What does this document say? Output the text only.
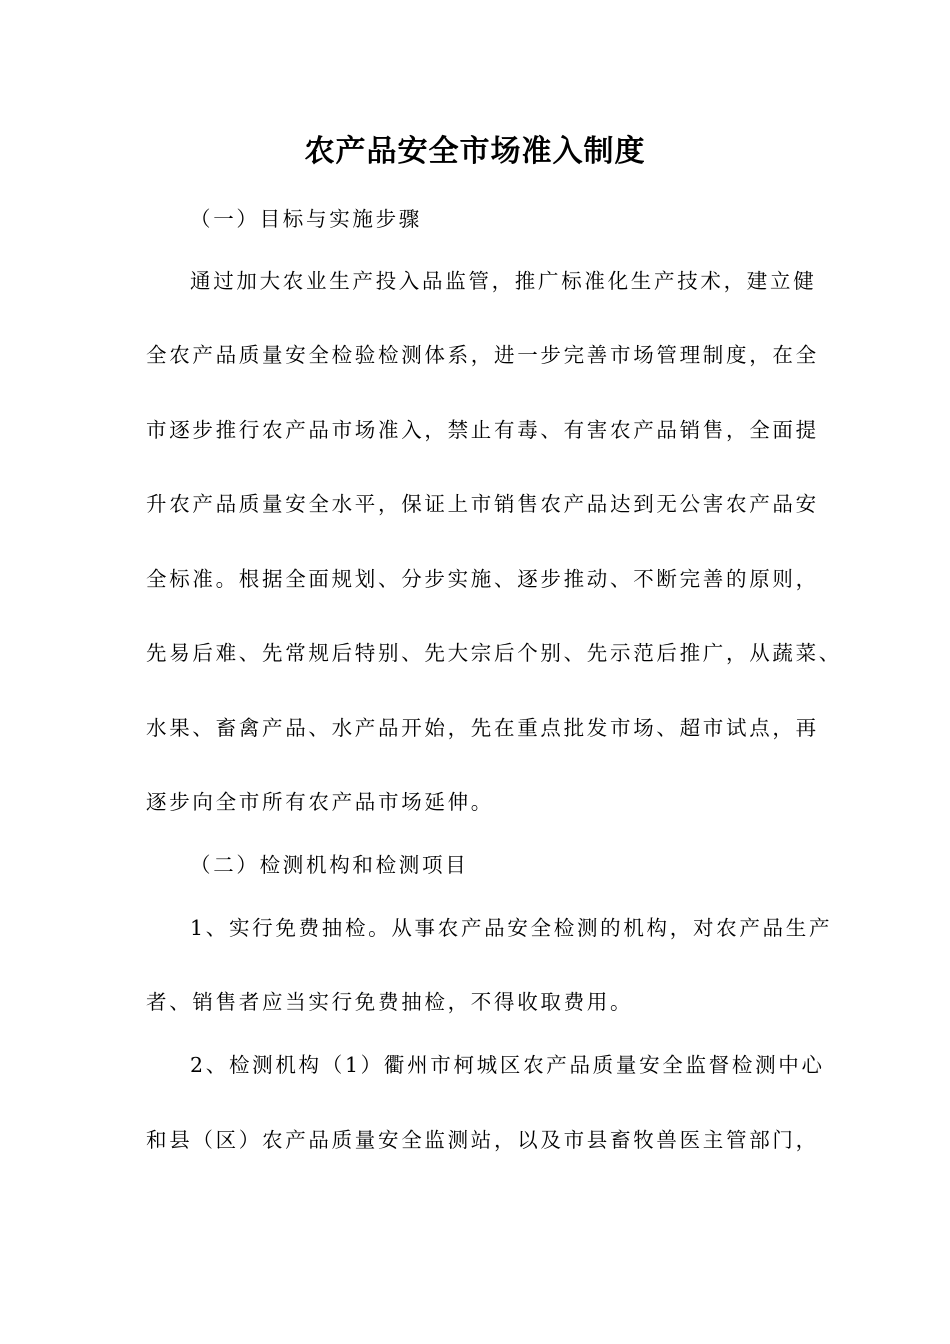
农产品安全市场准入制度
（一）目标与实施步骤
通过加大农业生产投入品监管，推广标准化生产技术，建立健
全农产品质量安全检验检测体系，进一步完善市场管理制度，在全
市逐步推行农产品市场准入，禁止有毒、有害农产品销售，全面提
升农产品质量安全水平，保证上市销售农产品达到无公害农产品安
全标准。根据全面规划、分步实施、逐步推动、不断完善的原则，
先易后难、先常规后特别、先大宗后个别、先示范后推广，从蔬菜、
水果、畜禽产品、水产品开始，先在重点批发市场、超市试点，再
逐步向全市所有农产品市场延伸。
（二）检测机构和检测项目
1、实行免费抽检。从事农产品安全检测的机构，对农产品生产
者、销售者应当实行免费抽检，不得收取费用。
2、检测机构（1）衢州市柯城区农产品质量安全监督检测中心
和县（区）农产品质量安全监测站，以及市县畜牧兽医主管部门，
